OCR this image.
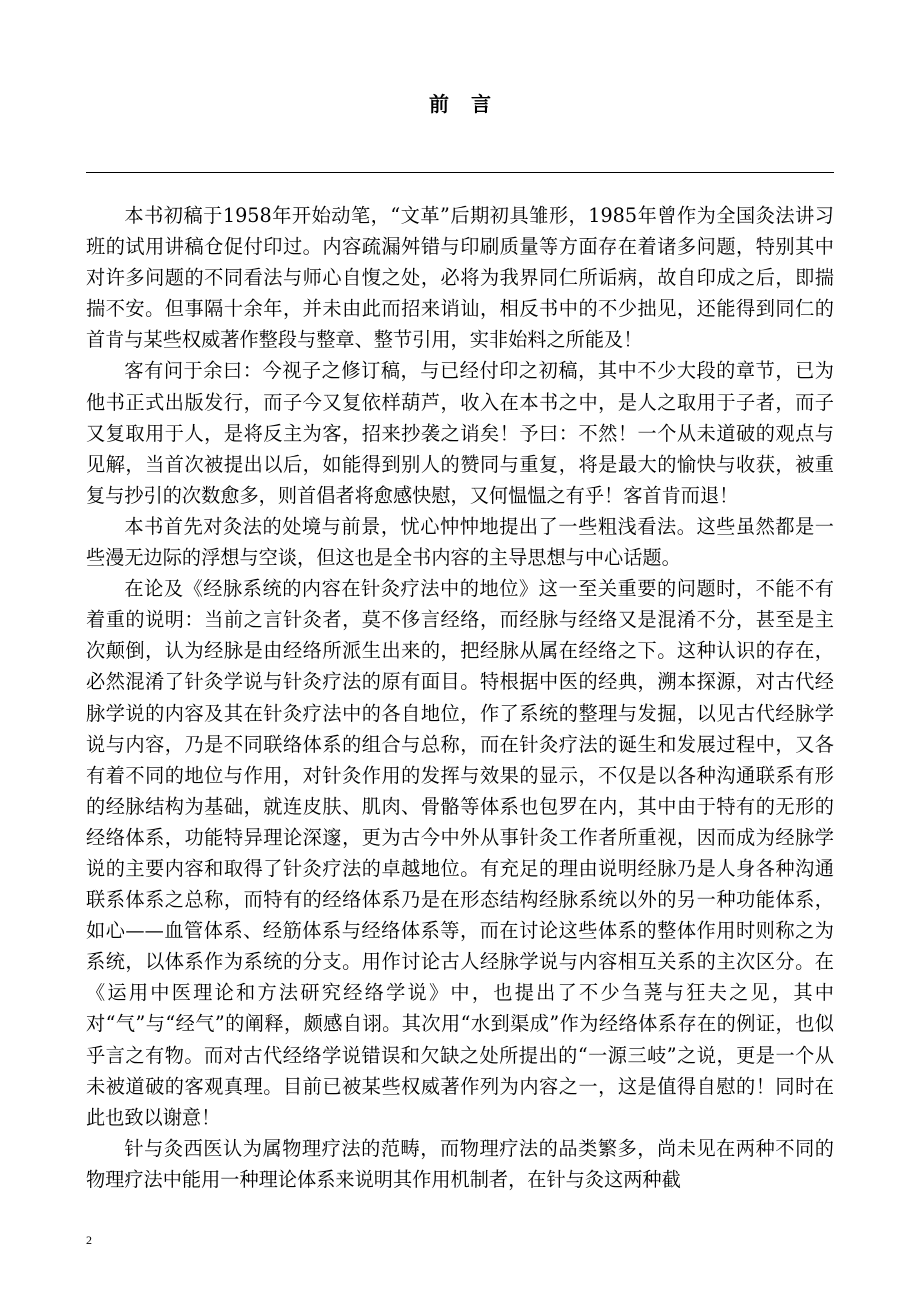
前言

本书初稿于1958年开始动笔，“文革”后期初具雏形，1985年曾作为全国灸法讲习班的试用讲稿仓促付印过。内容疏漏舛错与印刷质量等方面存在着诸多问题，特别其中对许多问题的不同看法与师心自愎之处，必将为我界同仁所诟病，故自印成之后，即揣揣不安。但事隔十余年，并未由此而招来诮讪，相反书中的不少拙见，还能得到同仁的首肯与某些权威著作整段与整章、整节引用，实非始料之所能及！

客有问于余曰：今视子之修订稿，与已经付印之初稿，其中不少大段的章节，已为他书正式出版发行，而子今又复依样葫芦，收入在本书之中，是人之取用于子者，而子又复取用于人，是将反主为客，招来抄袭之诮矣！予曰：不然！一个从未道破的观点与见解，当首次被提出以后，如能得到别人的赞同与重复，将是最大的愉快与收获，被重复与抄引的次数愈多，则首倡者将愈感快慰，又何愠愠之有乎！客首肯而退！

本书首先对灸法的处境与前景，忧心忡忡地提出了一些粗浅看法。这些虽然都是一些漫无边际的浮想与空谈，但这也是全书内容的主导思想与中心话题。

在论及《经脉系统的内容在针灸疗法中的地位》这一至关重要的问题时，不能不有着重的说明：当前之言针灸者，莫不侈言经络，而经脉与经络又是混淆不分，甚至是主次颠倒，认为经脉是由经络所派生出来的，把经脉从属在经络之下。这种认识的存在，必然混淆了针灸学说与针灸疗法的原有面目。特根据中医的经典，溯本探源，对古代经脉学说的内容及其在针灸疗法中的各自地位，作了系统的整理与发掘，以见古代经脉学说与内容，乃是不同联络体系的组合与总称，而在针灸疗法的诞生和发展过程中，又各有着不同的地位与作用，对针灸作用的发挥与效果的显示，不仅是以各种沟通联系有形的经脉结构为基础，就连皮肤、肌肉、骨骼等体系也包罗在内，其中由于特有的无形的经络体系，功能特异理论深邃，更为古今中外从事针灸工作者所重视，因而成为经脉学说的主要内容和取得了针灸疗法的卓越地位。有充足的理由说明经脉乃是人身各种沟通联系体系之总称，而特有的经络体系乃是在形态结构经脉系统以外的另一种功能体系，如心——血管体系、经筋体系与经络体系等，而在讨论这些体系的整体作用时则称之为系统，以体系作为系统的分支。用作讨论古人经脉学说与内容相互关系的主次区分。在《运用中医理论和方法研究经络学说》中，也提出了不少刍荛与狂夫之见，其中对“气”与“经气”的阐释，颇感自诩。其次用“水到渠成”作为经络体系存在的例证，也似乎言之有物。而对古代经络学说错误和欠缺之处所提出的“一源三岐”之说，更是一个从未被道破的客观真理。目前已被某些权威著作列为内容之一，这是值得自慰的！同时在此也致以谢意！

针与灸西医认为属物理疗法的范畴，而物理疗法的品类繁多，尚未见在两种不同的物理疗法中能用一种理论体系来说明其作用机制者，在针与灸这两种截

2
